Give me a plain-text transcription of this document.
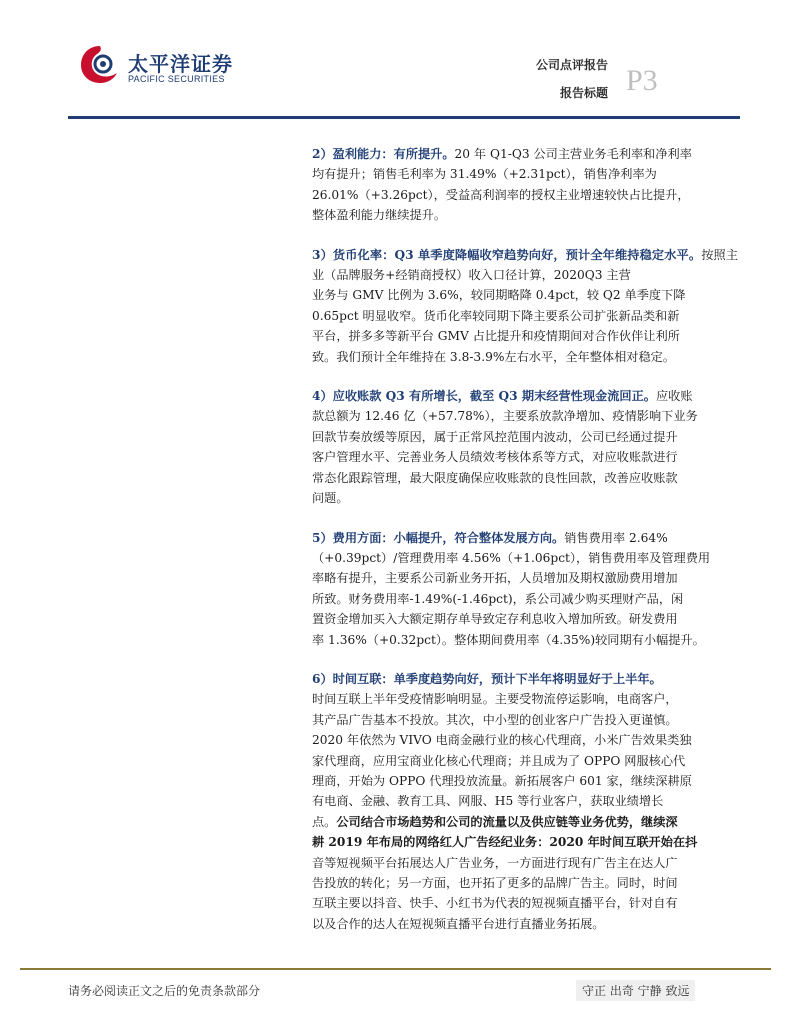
太平洋证券
PACIFIC SECURITIES
公司点评报告 P3
报告标题

2）盈利能力：有所提升。20 年 Q1-Q3 公司主营业务毛利率和净利率
均有提升；销售毛利率为 31.49%（+2.31pct），销售净利率为
26.01%（+3.26pct），受益高利润率的授权主业增速较快占比提升，
整体盈利能力继续提升。

3）货币化率：Q3 单季度降幅收窄趋势向好，预计全年维持稳定水平。按照主业（品牌服务+经销商授权）收入口径计算，2020Q3 主营
业务与 GMV 比例为 3.6%，较同期略降 0.4pct，较 Q2 单季度下降
0.65pct 明显收窄。货币化率较同期下降主要系公司扩张新品类和新
平台，拼多多等新平台 GMV 占比提升和疫情期间对合作伙伴让利所
致。我们预计全年维持在 3.8-3.9%左右水平，全年整体相对稳定。

4）应收账款 Q3 有所增长，截至 Q3 期末经营性现金流回正。应收账
款总额为 12.46 亿（+57.78%），主要系放款净增加、疫情影响下业务
回款节奏放缓等原因，属于正常风控范围内波动，公司已经通过提升
客户管理水平、完善业务人员绩效考核体系等方式，对应收账款进行
常态化跟踪管理，最大限度确保应收账款的良性回款，改善应收账款
问题。

5）费用方面：小幅提升，符合整体发展方向。销售费用率 2.64%
（+0.39pct）/管理费用率 4.56%（+1.06pct），销售费用率及管理费用
率略有提升，主要系公司新业务开拓，人员增加及期权激励费用增加
所致。财务费用率-1.49%(-1.46pct)，系公司减少购买理财产品，闲
置资金增加买入大额定期存单导致定存利息收入增加所致。研发费用
率 1.36%（+0.32pct）。整体期间费用率（4.35%)较同期有小幅提升。

6）时间互联：单季度趋势向好，预计下半年将明显好于上半年。
时间互联上半年受疫情影响明显。主要受物流停运影响，电商客户，
其产品广告基本不投放。其次，中小型的创业客户广告投入更谨慎。
2020 年依然为 VIVO 电商金融行业的核心代理商，小米广告效果类独
家代理商，应用宝商业化核心代理商；并且成为了 OPPO 网服核心代
理商，开始为 OPPO 代理投放流量。新拓展客户 601 家，继续深耕原
有电商、金融、教育工具、网服、H5 等行业客户，获取业绩增长
点。公司结合市场趋势和公司的流量以及供应链等业务优势，继续深
耕 2019 年布局的网络红人广告经纪业务：2020 年时间互联开始在抖
音等短视频平台拓展达人广告业务，一方面进行现有广告主在达人广
告投放的转化；另一方面，也开拓了更多的品牌广告主。同时，时间
互联主要以抖音、快手、小红书为代表的短视频直播平台，针对自有
以及合作的达人在短视频直播平台进行直播业务拓展。

请务必阅读正文之后的免责条款部分	守正 出奇 宁静 致远
